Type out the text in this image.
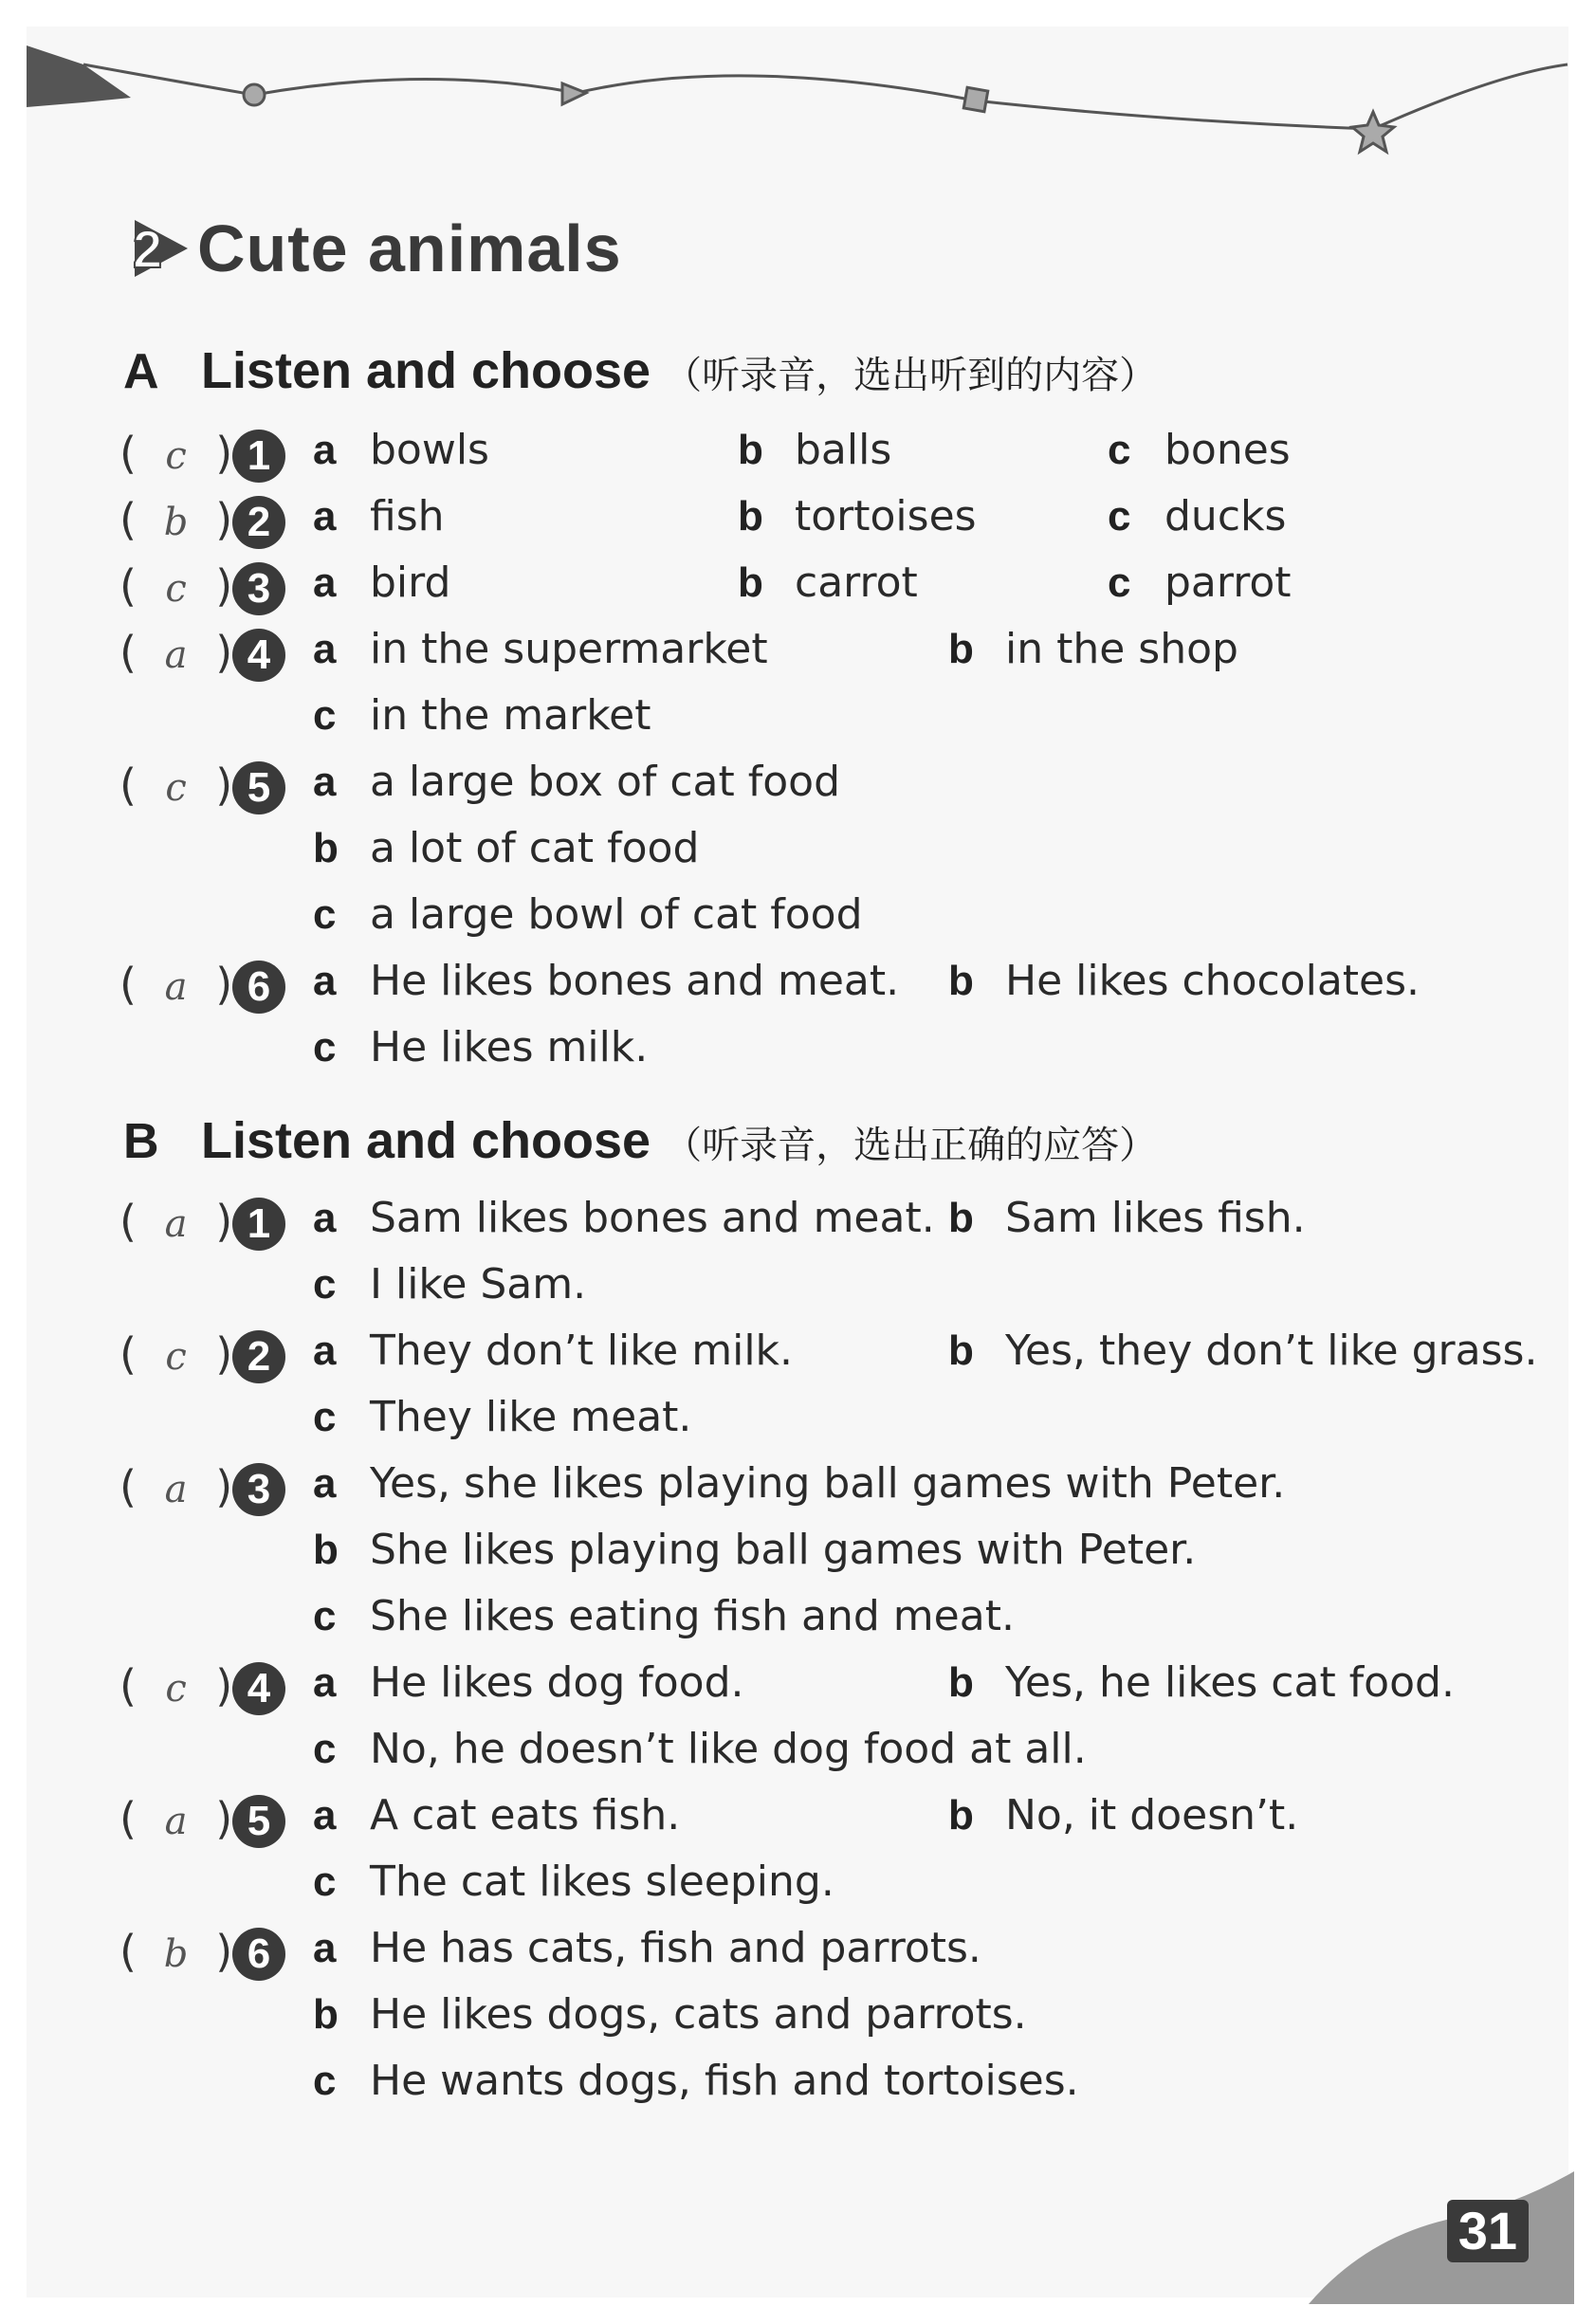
2 Cute animals
A Listen and choose （听录音，选出听到的内容）
( c ) 1	a bowls	b balls	c bones
( b ) 2	a fish	b tortoises	c ducks
( c ) 3	a bird	b carrot	c parrot
( a ) 4	a in the supermarket	b in the shop
c in the market
( c ) 5	a a large box of cat food
b a lot of cat food
c a large bowl of cat food
( a ) 6	a He likes bones and meat. b He likes chocolates.
c He likes milk.
B Listen and choose （听录音，选出正确的应答）
( a ) 1	a Sam likes bones and meat. b Sam likes fish.
c I like Sam.
( c ) 2	a They don’t like milk.	b Yes, they don’t like grass.
c They like meat.
( a ) 3	a Yes, she likes playing ball games with Peter.
b She likes playing ball games with Peter.
c She likes eating fish and meat.
( c ) 4	a He likes dog food.	b Yes, he likes cat food.
c No, he doesn’t like dog food at all.
( a ) 5	a A cat eats fish.	b No, it doesn’t.
c The cat likes sleeping.
( b ) 6	a He has cats, fish and parrots.
b He likes dogs, cats and parrots.
c He wants dogs, fish and tortoises.
31
